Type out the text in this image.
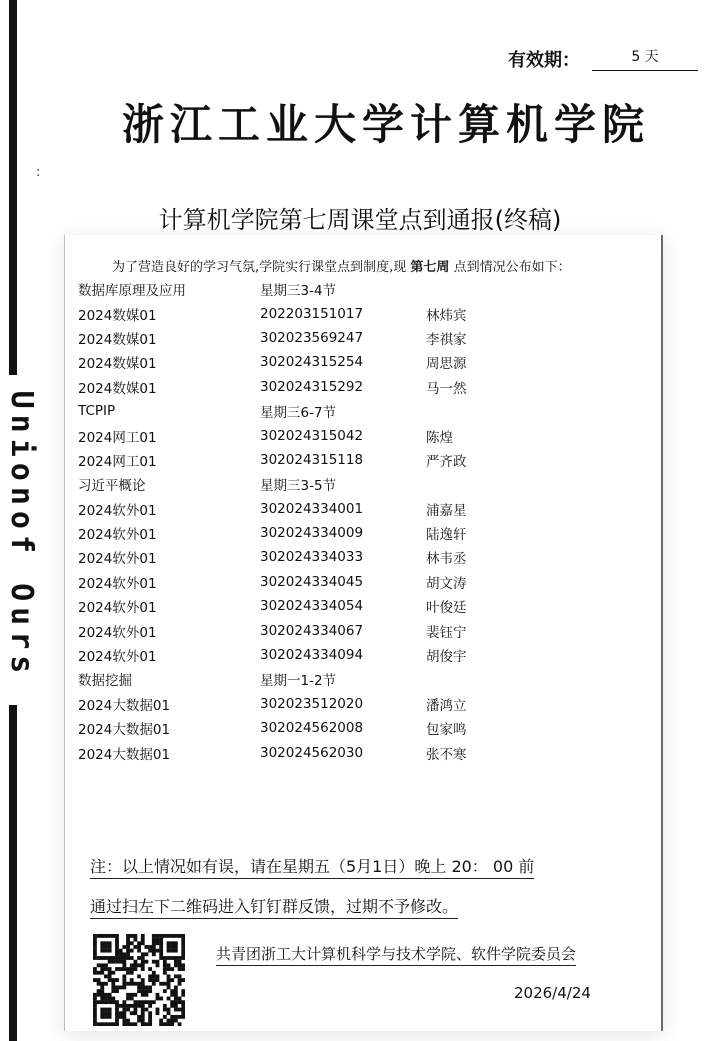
Unionof Ours
:
有效期：	5 天
浙江工业大学计算机学院
计算机学院第七周课堂点到通报(终稿)
为了营造良好的学习气氛,学院实行课堂点到制度,现 第七周 点到情况公布如下：
数据库原理及应用	星期三3-4节
2024数媒01	202203151017	林炜宾
2024数媒01	302023569247	李祺家
2024数媒01	302024315254	周思源
2024数媒01	302024315292	马一然
TCPIP	星期三6-7节
2024网工01	302024315042	陈煌
2024网工01	302024315118	严齐政
习近平概论	星期三3-5节
2024软外01	302024334001	浦嘉星
2024软外01	302024334009	陆逸轩
2024软外01	302024334033	林韦丞
2024软外01	302024334045	胡文涛
2024软外01	302024334054	叶俊廷
2024软外01	302024334067	裴钰宁
2024软外01	302024334094	胡俊宇
数据挖掘	星期一1-2节
2024大数据01	302023512020	潘鸿立
2024大数据01	302024562008	包家鸣
2024大数据01	302024562030	张不寒
注：以上情况如有误，请在星期五（5月1日）晚上 20： 00 前
通过扫左下二维码进入钉钉群反馈，过期不予修改。
共青团浙工大计算机科学与技术学院、软件学院委员会
2026/4/24
